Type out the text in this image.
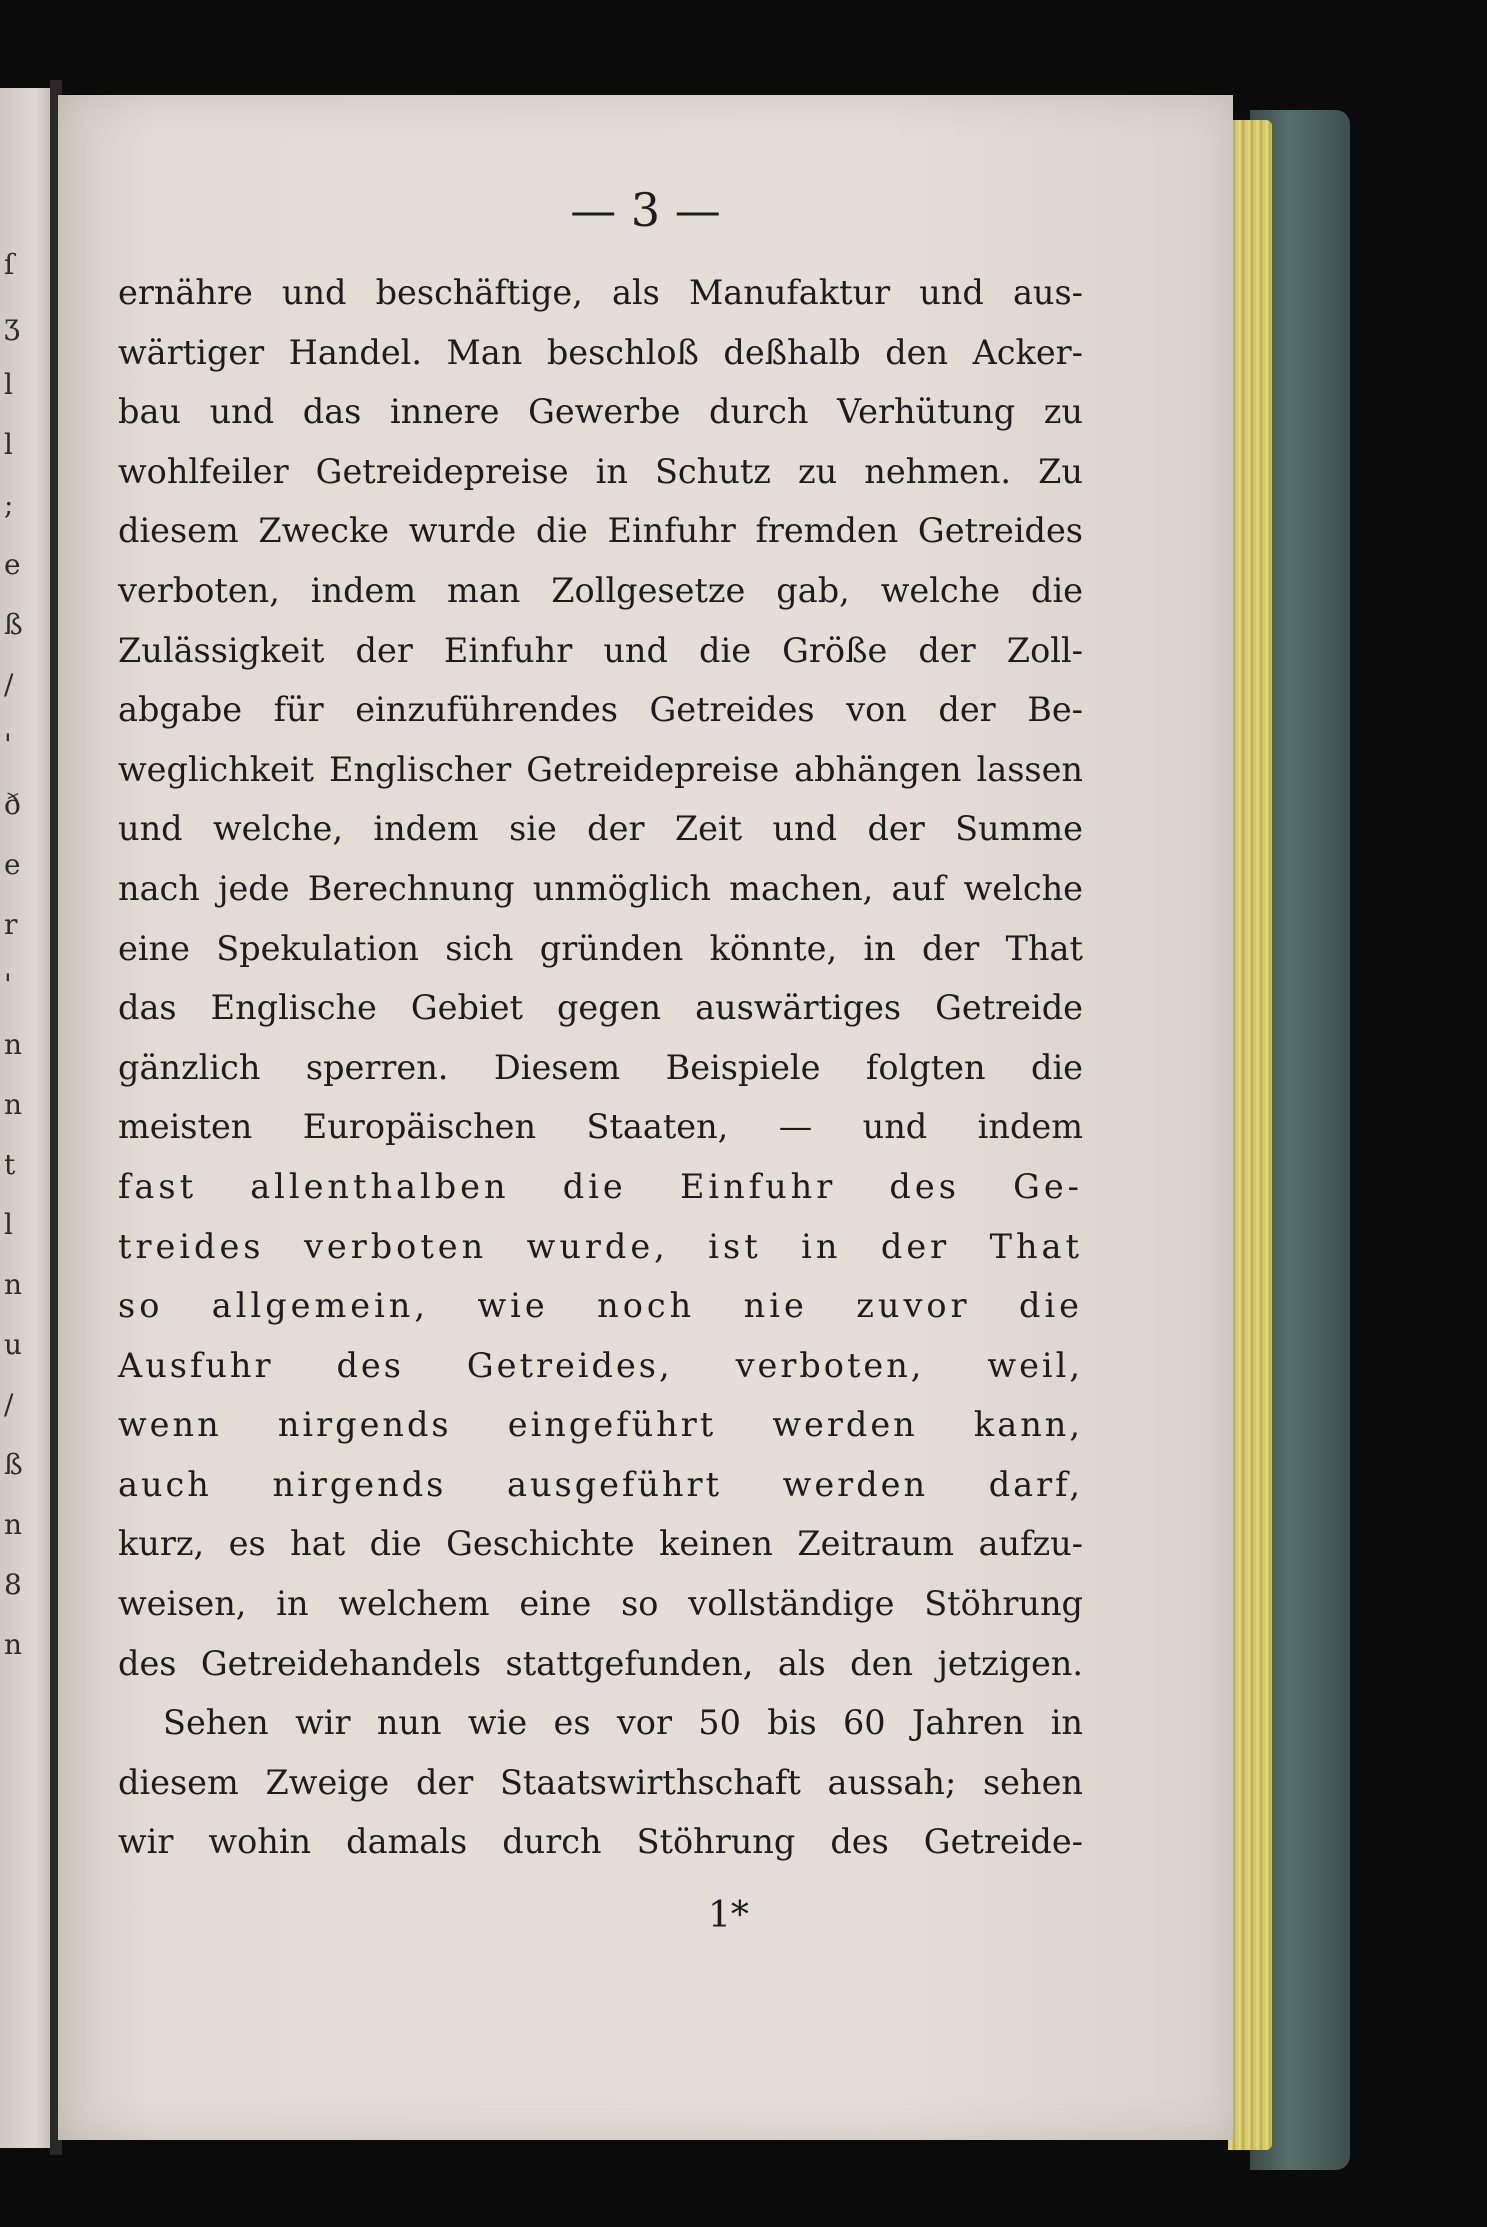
ſ
ʒ
l
l
;
e
ß
/
'
ð
e
r
'
n
n
t
l
n
u
/
ß
n
8
n
— 3 —
ernähre und beschäftige, als Manufaktur und aus-
wärtiger Handel. Man beschloß deßhalb den Acker-
bau und das innere Gewerbe durch Verhütung zu
wohlfeiler Getreidepreise in Schutz zu nehmen. Zu
diesem Zwecke wurde die Einfuhr fremden Getreides
verboten, indem man Zollgesetze gab, welche die
Zulässigkeit der Einfuhr und die Größe der Zoll-
abgabe für einzuführendes Getreides von der Be-
weglichkeit Englischer Getreidepreise abhängen lassen
und welche, indem sie der Zeit und der Summe
nach jede Berechnung unmöglich machen, auf welche
eine Spekulation sich gründen könnte, in der That
das Englische Gebiet gegen auswärtiges Getreide
gänzlich sperren. Diesem Beispiele folgten die
meisten Europäischen Staaten, — und indem
fast allenthalben die Einfuhr des Ge-
treides verboten wurde, ist in der That
so allgemein, wie noch nie zuvor die
Ausfuhr des Getreides, verboten, weil,
wenn nirgends eingeführt werden kann,
auch nirgends ausgeführt werden darf,
kurz, es hat die Geschichte keinen Zeitraum aufzu-
weisen, in welchem eine so vollständige Stöhrung
des Getreidehandels stattgefunden, als den jetzigen.
Sehen wir nun wie es vor 50 bis 60 Jahren in
diesem Zweige der Staatswirthschaft aussah; sehen
wir wohin damals durch Stöhrung des Getreide-
1*
